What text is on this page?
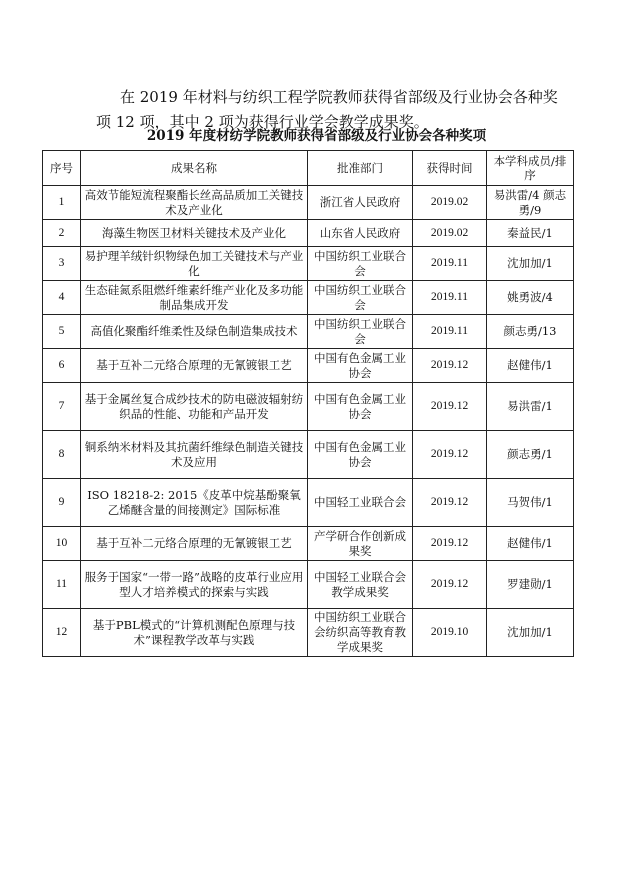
在 2019 年材料与纺织工程学院教师获得省部级及行业协会各种奖项 12 项，其中 2 项为获得行业学会教学成果奖。

2019 年度材纺学院教师获得省部级及行业协会各种奖项
序号	成果名称	批准部门	获得时间	本学科成员/排序
1	高效节能短流程聚酯长丝高品质加工关键技术及产业化	浙江省人民政府	2019.02	易洪雷/4 颜志勇/9
2	海藻生物医卫材料关键技术及产业化	山东省人民政府	2019.02	秦益民/1
3	易护理羊绒针织物绿色加工关键技术与产业化	中国纺织工业联合会	2019.11	沈加加/1
4	生态硅氮系阻燃纤维素纤维产业化及多功能制品集成开发	中国纺织工业联合会	2019.11	姚勇波/4
5	高值化聚酯纤维柔性及绿色制造集成技术	中国纺织工业联合会	2019.11	颜志勇/13
6	基于互补二元络合原理的无氰镀银工艺	中国有色金属工业协会	2019.12	赵健伟/1
7	基于金属丝复合成纱技术的防电磁波辐射纺织品的性能、功能和产品开发	中国有色金属工业协会	2019.12	易洪雷/1
8	铜系纳米材料及其抗菌纤维绿色制造关键技术及应用	中国有色金属工业协会	2019.12	颜志勇/1
9	ISO 18218-2: 2015《皮革中烷基酚聚氧乙烯醚含量的间接测定》国际标准	中国轻工业联合会	2019.12	马贺伟/1
10	基于互补二元络合原理的无氰镀银工艺	产学研合作创新成果奖	2019.12	赵健伟/1
11	服务于国家“一带一路”战略的皮革行业应用型人才培养模式的探索与实践	中国轻工业联合会教学成果奖	2019.12	罗建勋/1
12	基于PBL模式的“计算机测配色原理与技术”课程教学改革与实践	中国纺织工业联合会纺织高等教育教学成果奖	2019.10	沈加加/1
